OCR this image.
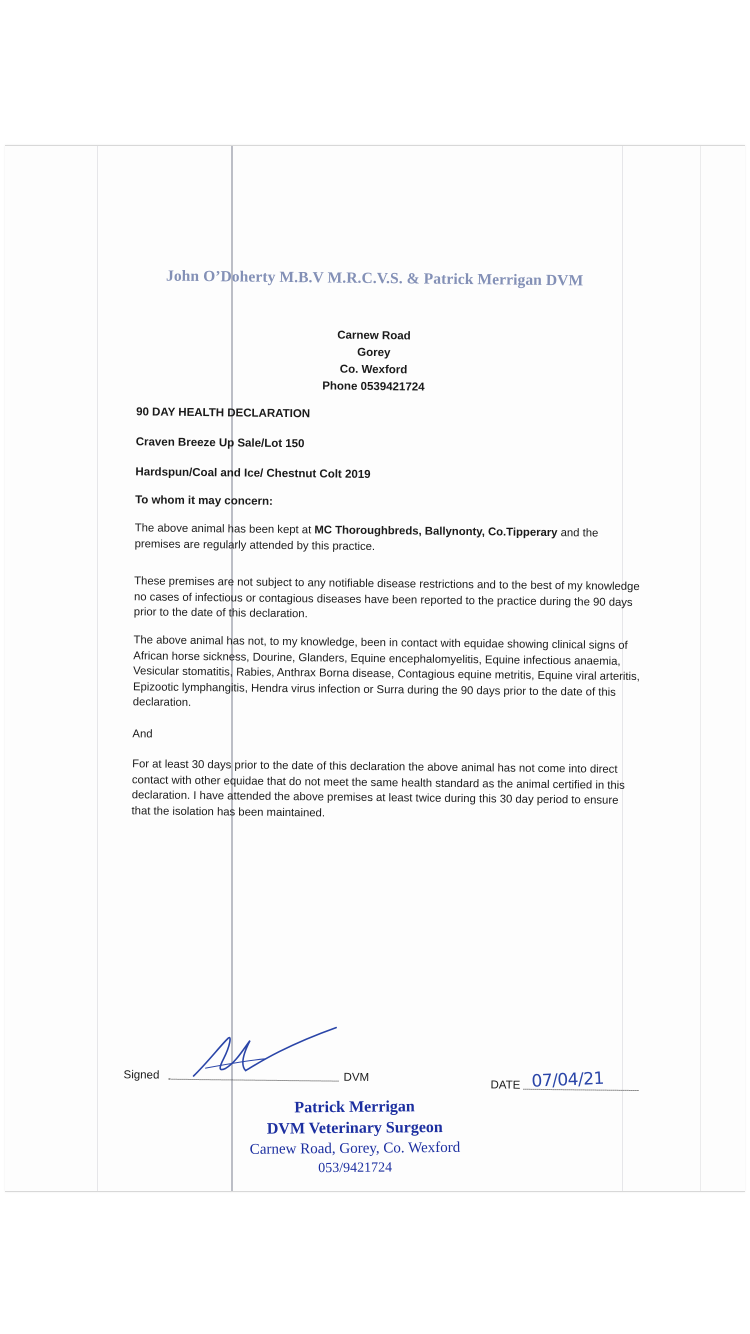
John O’Doherty M.B.V M.R.C.V.S. & Patrick Merrigan DVM
Carnew Road
Gorey
Co. Wexford
Phone 0539421724
90 DAY HEALTH DECLARATION
Craven Breeze Up Sale/Lot 150
Hardspun/Coal and Ice/ Chestnut Colt 2019
To whom it may concern:
The above animal has been kept at MC Thoroughbreds, Ballynonty, Co.Tipperary and the premises are regularly attended by this practice.
These premises are not subject to any notifiable disease restrictions and to the best of my knowledge no cases of infectious or contagious diseases have been reported to the practice during the 90 days prior to the date of this declaration.
The above animal has not, to my knowledge, been in contact with equidae showing clinical signs of African horse sickness, Dourine, Glanders, Equine encephalomyelitis, Equine infectious anaemia, Vesicular stomatitis, Rabies, Anthrax Borna disease, Contagious equine metritis, Equine viral arteritis, Epizootic lymphangitis, Hendra virus infection or Surra during the 90 days prior to the date of this declaration.
And
For at least 30 days prior to the date of this declaration the above animal has not come into direct contact with other equidae that do not meet the same health standard as the animal certified in this declaration. I have attended the above premises at least twice during this 30 day period to ensure that the isolation has been maintained.
Signed	DVM
DATE 07/04/21
Patrick Merrigan
DVM Veterinary Surgeon
Carnew Road, Gorey, Co. Wexford
053/9421724
